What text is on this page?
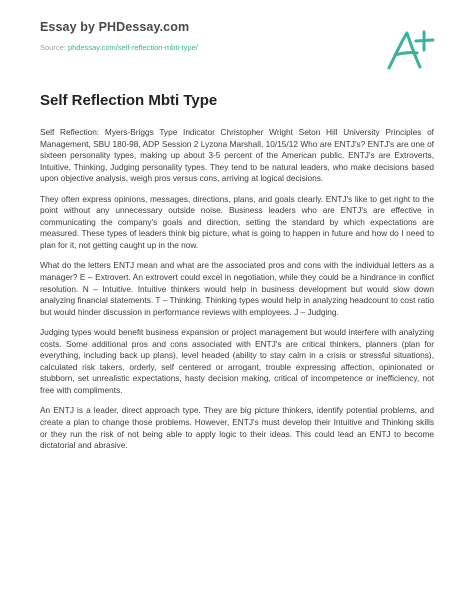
Essay by PHDessay.com
Source: phdessay.com/self-reflection-mbti-type/
Self Reflection Mbti Type

Self Reflection: Myers-Briggs Type Indicator Christopher Wright Seton Hill University Principles of Management, SBU 180-98, ADP Session 2 Lyzona Marshall, 10/15/12 Who are ENTJ's? ENTJ's are one of sixteen personality types, making up about 3-5 percent of the American public. ENTJ's are Extroverts, Intuitive, Thinking, Judging personality types. They tend to be natural leaders, who make decisions based upon objective analysis, weigh pros versus cons, arriving at logical decisions.

They often express opinions, messages, directions, plans, and goals clearly. ENTJ's like to get right to the point without any unnecessary outside noise. Business leaders who are ENTJ's are effective in communicating the company's goals and direction, setting the standard by which expectations are measured. These types of leaders think big picture, what is going to happen in future and how do I need to plan for it, not getting caught up in the now.

What do the letters ENTJ mean and what are the associated pros and cons with the individual letters as a manager? E – Extrovert. An extrovert could excel in negotiation, while they could be a hindrance in conflict resolution. N – Intuitive. Intuitive thinkers would help in business development but would slow down analyzing financial statements. T – Thinking. Thinking types would help in analyzing headcount to cost ratio but would hinder discussion in performance reviews with employees. J – Judging.

Judging types would benefit business expansion or project management but would interfere with analyzing costs. Some additional pros and cons associated with ENTJ's are critical thinkers, planners (plan for everything, including back up plans), level headed (ability to stay calm in a crisis or stressful situations), calculated risk takers, orderly, self centered or arrogant, trouble expressing affection, opinionated or stubborn, set unrealistic expectations, hasty decision making, critical of incompetence or inefficiency, not free with compliments.

An ENTJ is a leader, direct approach type. They are big picture thinkers, identify potential problems, and create a plan to change those problems. However, ENTJ's must develop their Intuitive and Thinking skills or they run the risk of not being able to apply logic to their ideas. This could lead an ENTJ to become dictatorial and abrasive.
